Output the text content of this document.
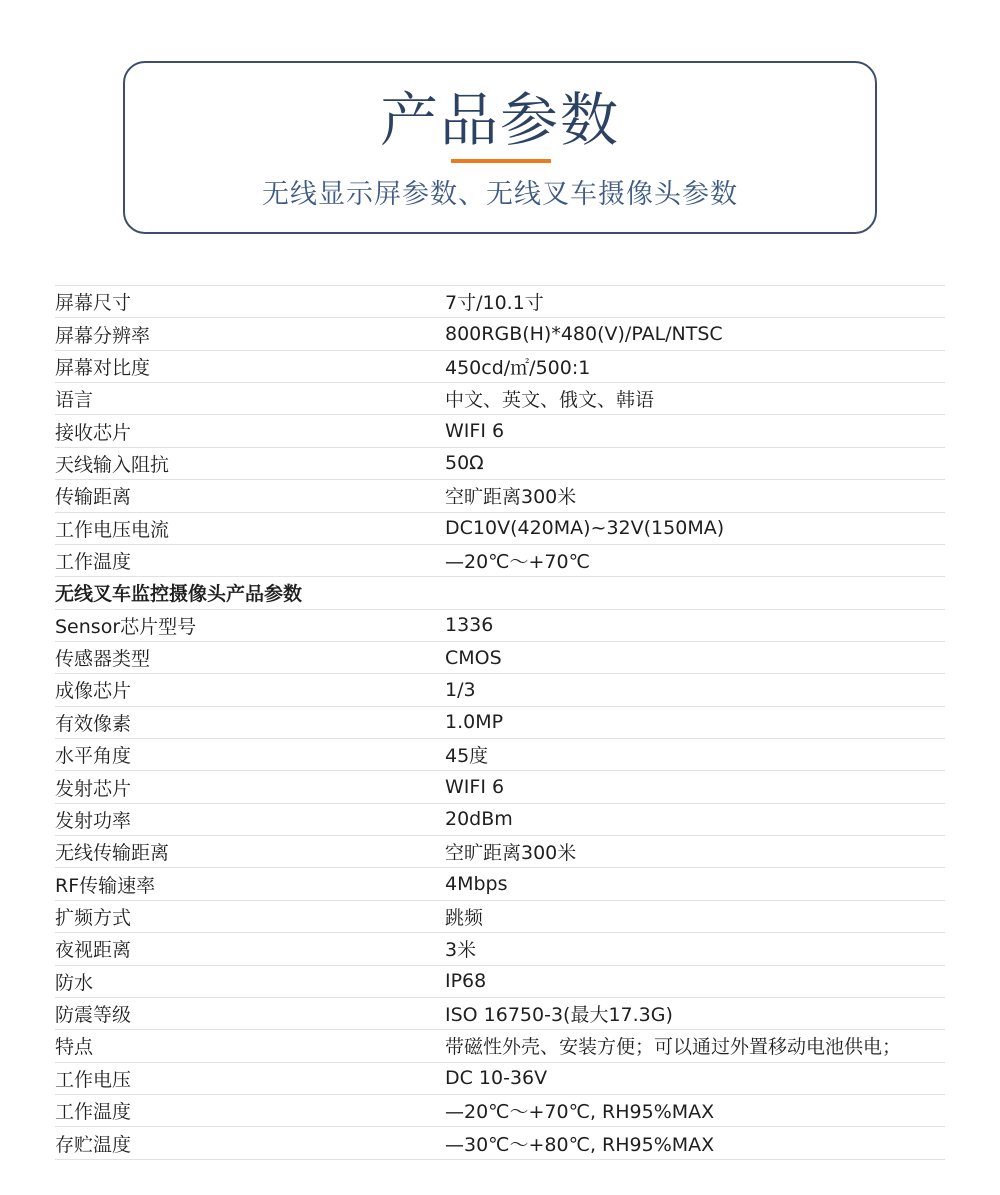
产品参数
无线显示屏参数、无线叉车摄像头参数
屏幕尺寸	7寸/10.1寸
屏幕分辨率	800RGB(H)*480(V)/PAL/NTSC
屏幕对比度	450cd/㎡/500:1
语言	中文、英文、俄文、韩语
接收芯片	WIFI 6
天线输入阻抗	50Ω
传输距离	空旷距离300米
工作电压电流	DC10V(420MA)~32V(150MA)
工作温度	—20℃～+70℃
无线叉车监控摄像头产品参数
Sensor芯片型号	1336
传感器类型	CMOS
成像芯片	1/3
有效像素	1.0MP
水平角度	45度
发射芯片	WIFI 6
发射功率	20dBm
无线传输距离	空旷距离300米
RF传输速率	4Mbps
扩频方式	跳频
夜视距离	3米
防水	IP68
防震等级	ISO 16750-3(最大17.3G)
特点	带磁性外壳、安装方便；可以通过外置移动电池供电；
工作电压	DC 10-36V
工作温度	—20℃～+70℃, RH95%MAX
存贮温度	—30℃～+80℃, RH95%MAX
